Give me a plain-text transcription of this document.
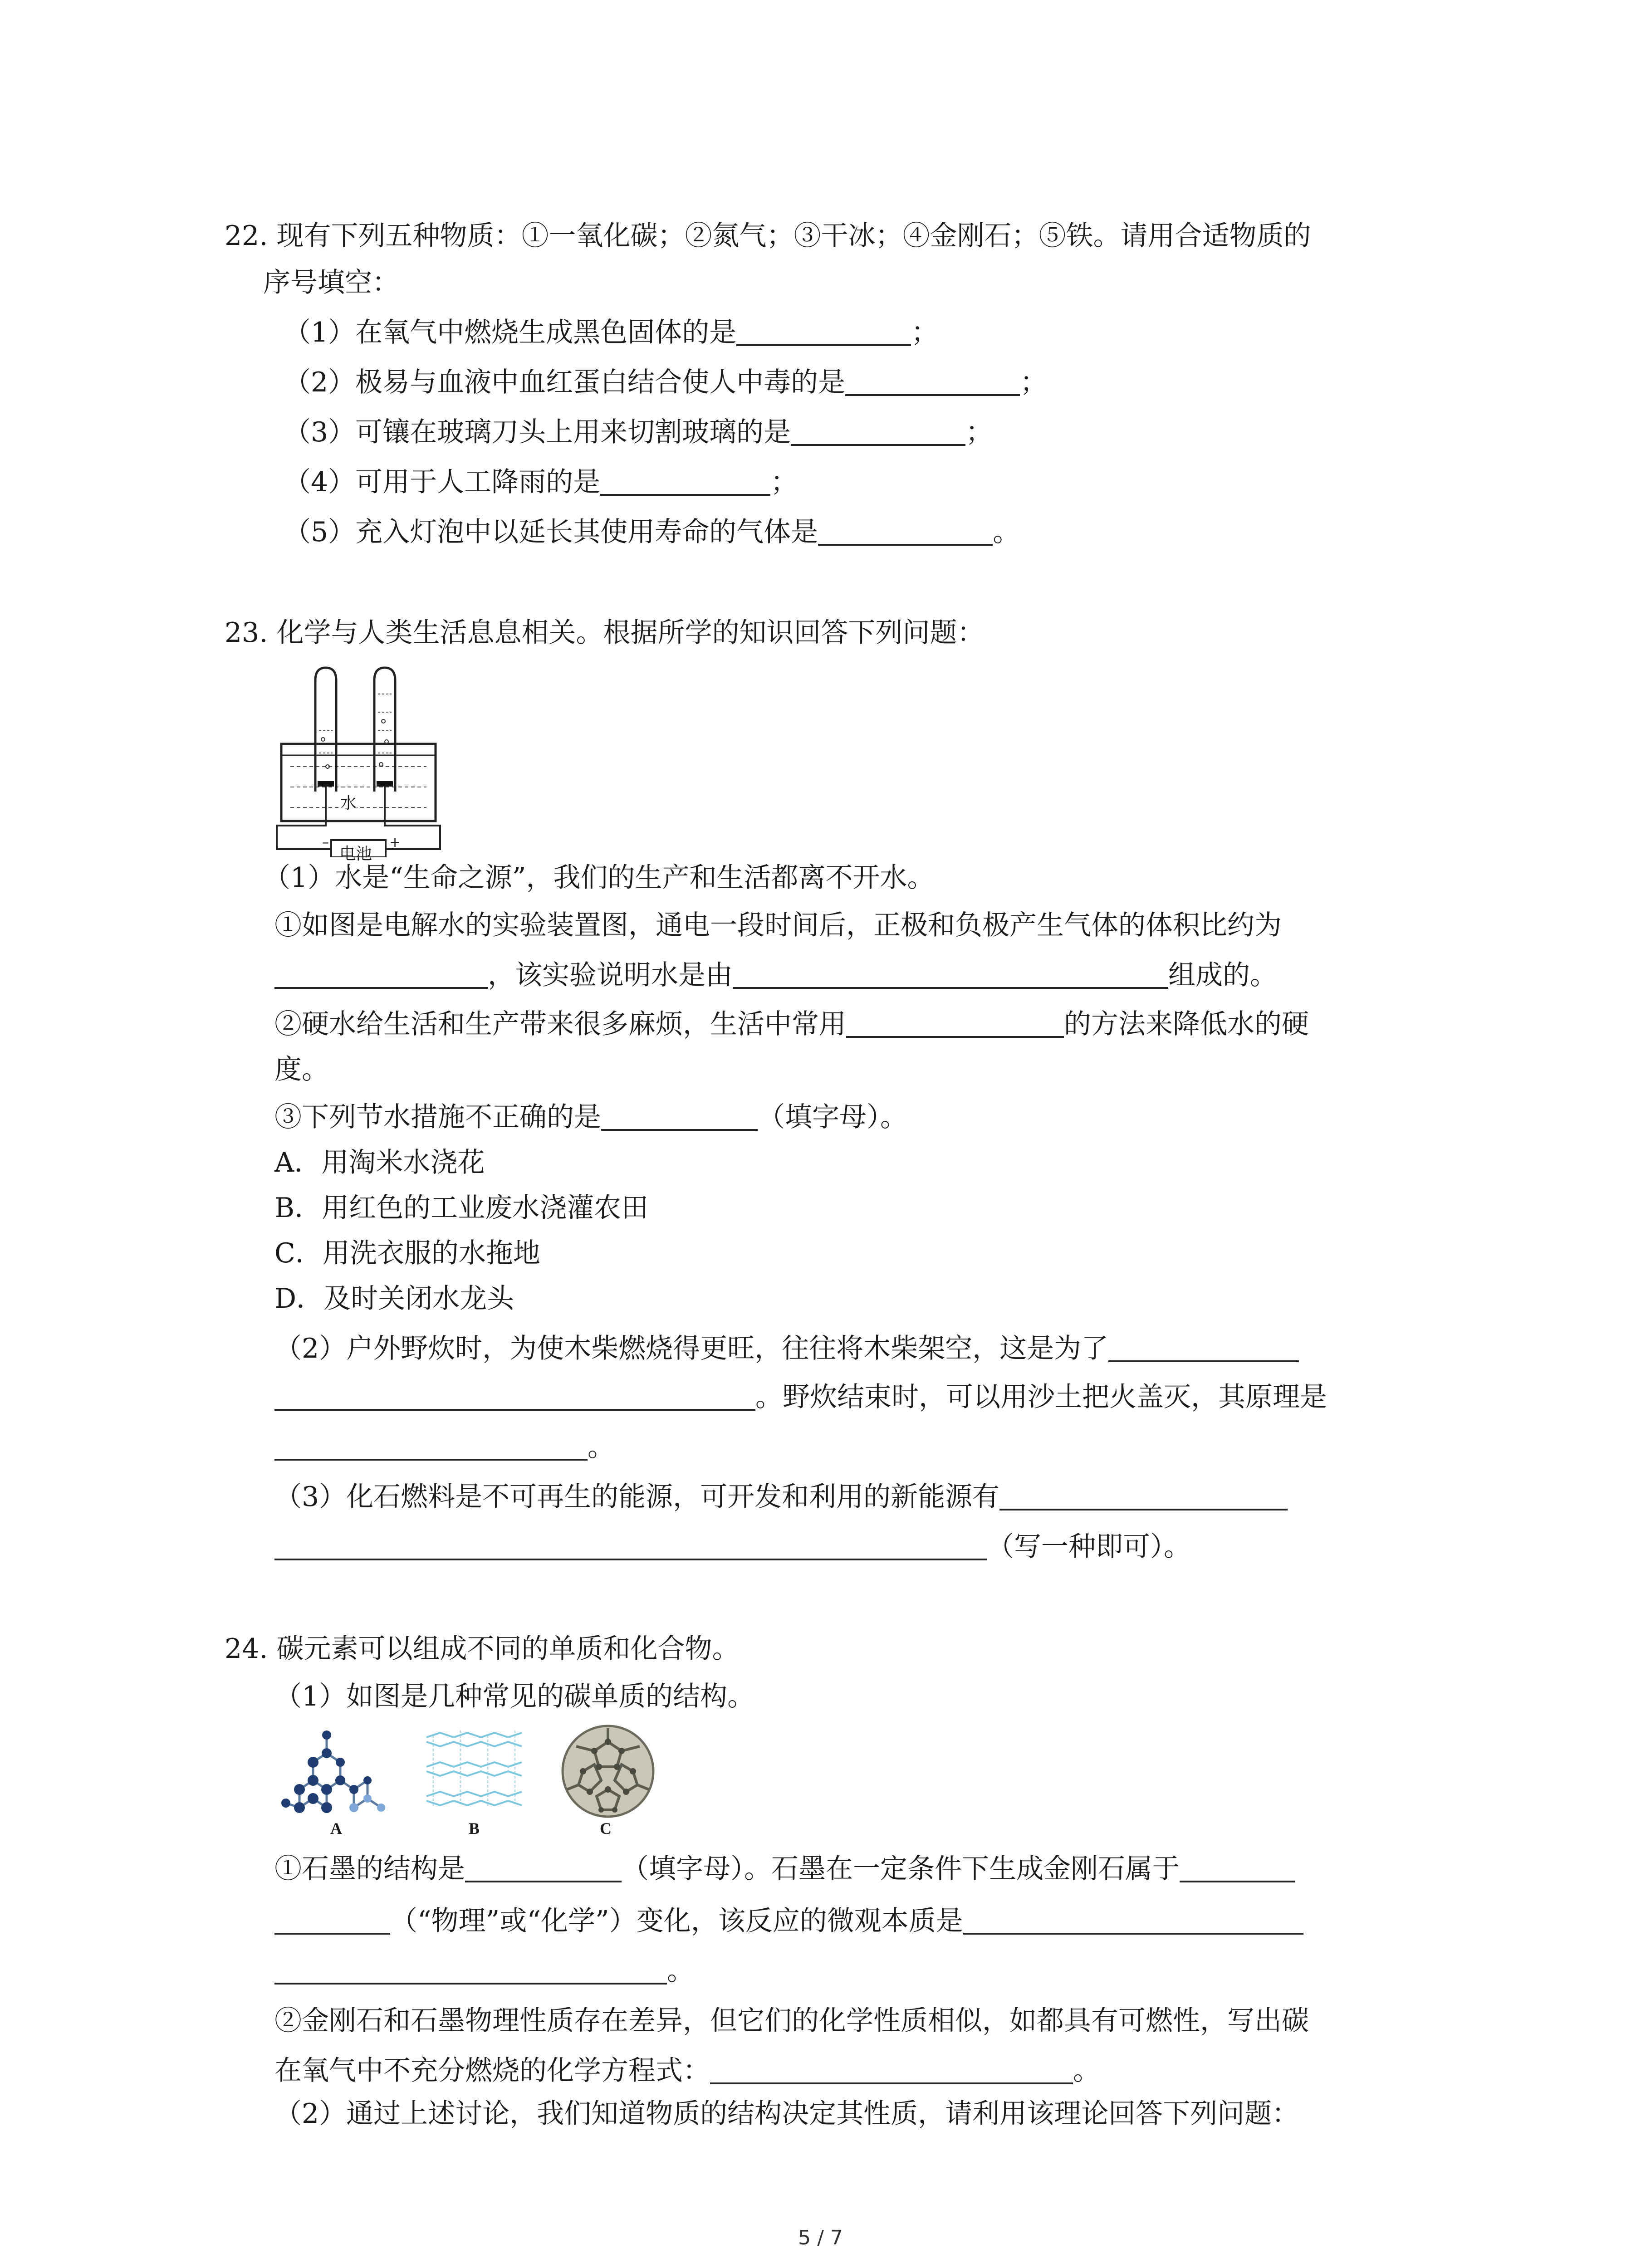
22. 现有下列五种物质：①一氧化碳；②氮气；③干冰；④金刚石；⑤铁。请用合适物质的
序号填空：
（1）在氧气中燃烧生成黑色固体的是	；
（2）极易与血液中血红蛋白结合使人中毒的是	；
（3）可镶在玻璃刀头上用来切割玻璃的是	；
（4）可用于人工降雨的是	；
（5）充入灯泡中以延长其使用寿命的气体是	。
23. 化学与人类生活息息相关。根据所学的知识回答下列问题：
水
电池
–	+
（1）水是“生命之源”，我们的生产和生活都离不开水。
①如图是电解水的实验装置图，通电一段时间后，正极和负极产生气体的体积比约为
，该实验说明水是由	组成的。
②硬水给生活和生产带来很多麻烦，生活中常用	的方法来降低水的硬
度。
③下列节水措施不正确的是	（填字母）。
A．用淘米水浇花
B．用红色的工业废水浇灌农田
C．用洗衣服的水拖地
D．及时关闭水龙头
（2）户外野炊时，为使木柴燃烧得更旺，往往将木柴架空，这是为了
。野炊结束时，可以用沙土把火盖灭，其原理是
。
（3）化石燃料是不可再生的能源，可开发和利用的新能源有
（写一种即可）。
24. 碳元素可以组成不同的单质和化合物。
（1）如图是几种常见的碳单质的结构。
A	B	C
①石墨的结构是	（填字母）。石墨在一定条件下生成金刚石属于
（“物理”或“化学”）变化，该反应的微观本质是
。
②金刚石和石墨物理性质存在差异，但它们的化学性质相似，如都具有可燃性，写出碳
在氧气中不充分燃烧的化学方程式：	。
（2）通过上述讨论，我们知道物质的结构决定其性质，请利用该理论回答下列问题：
5 / 7
